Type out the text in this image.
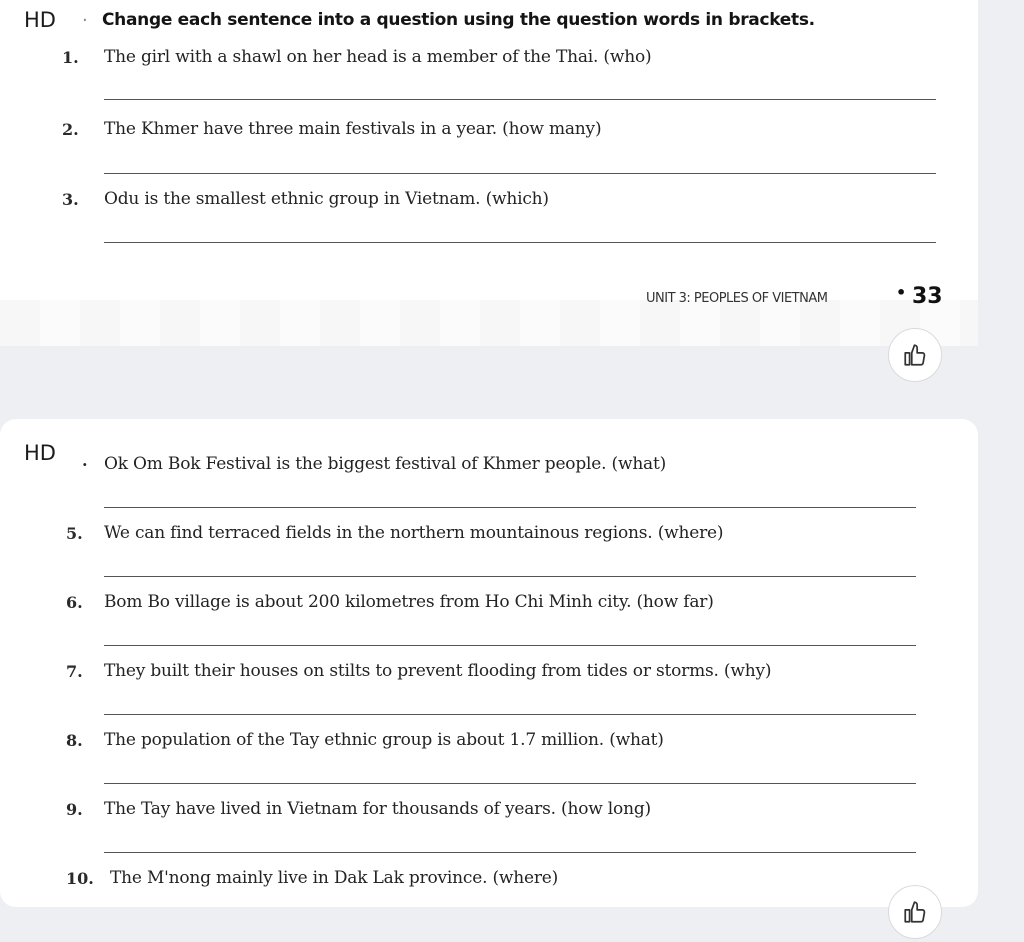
HD . Change each sentence into a question using the question words in brackets.
1. The girl with a shawl on her head is a member of the Thai. (who)
2. The Khmer have three main festivals in a year. (how many)
3. Odu is the smallest ethnic group in Vietnam. (which)
UNIT 3: PEOPLES OF VIETNAM	• 33
HD . Ok Om Bok Festival is the biggest festival of Khmer people. (what)
5. We can find terraced fields in the northern mountainous regions. (where)
6. Bom Bo village is about 200 kilometres from Ho Chi Minh city. (how far)
7. They built their houses on stilts to prevent flooding from tides or storms. (why)
8. The population of the Tay ethnic group is about 1.7 million. (what)
9. The Tay have lived in Vietnam for thousands of years. (how long)
10. The M'nong mainly live in Dak Lak province. (where)
